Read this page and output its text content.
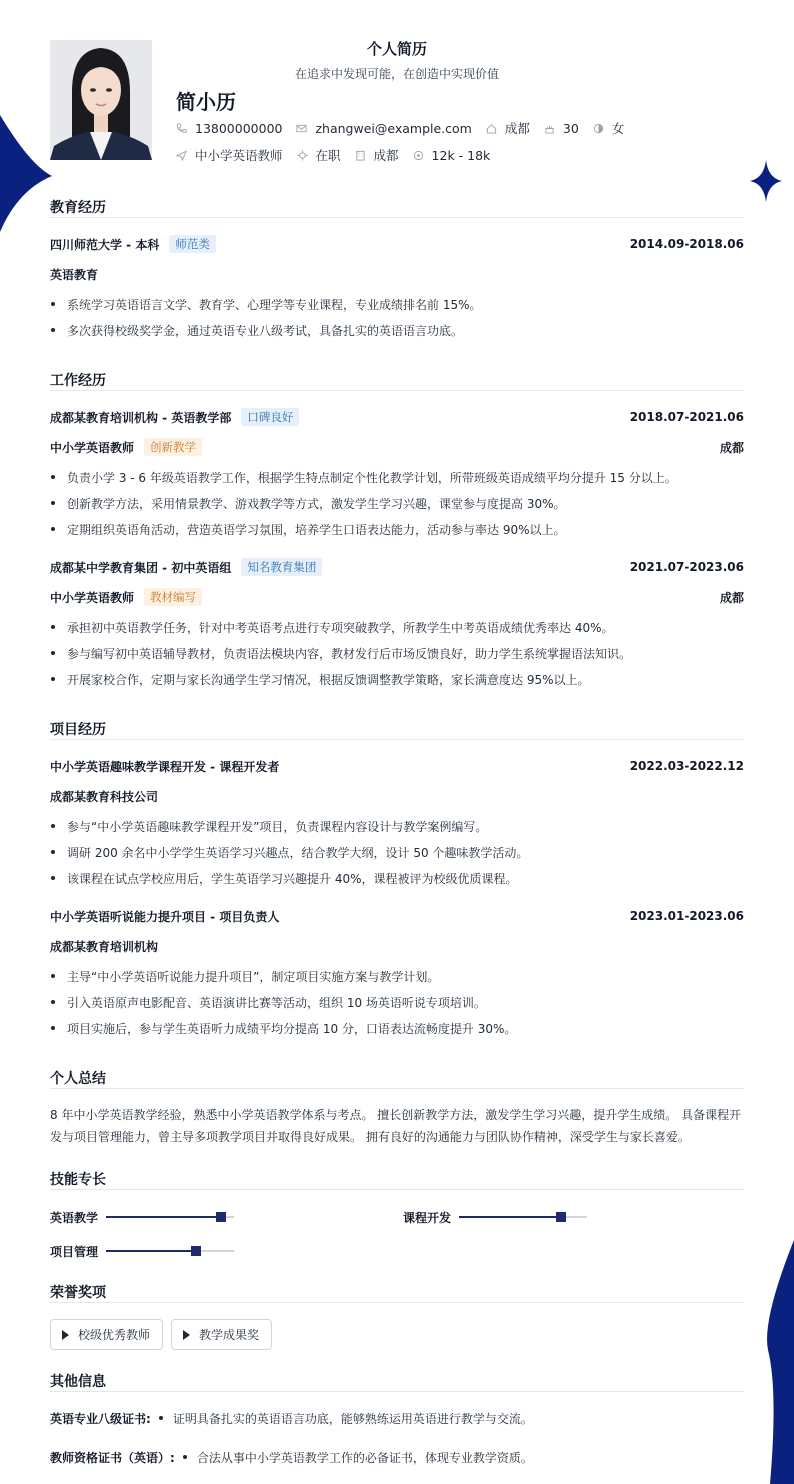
个人简历
在追求中发现可能，在创造中实现价值
简小历
13800000000	zhangwei@example.com	成都	30	女
中小学英语教师	在职	成都	12k - 18k
教育经历
四川师范大学 - 本科	师范类	2014.09-2018.06
英语教育
系统学习英语语言文学、教育学、心理学等专业课程，专业成绩排名前 15%。
多次获得校级奖学金，通过英语专业八级考试，具备扎实的英语语言功底。
工作经历
成都某教育培训机构 - 英语教学部	口碑良好	2018.07-2021.06
中小学英语教师	创新教学	成都
负责小学 3 - 6 年级英语教学工作，根据学生特点制定个性化教学计划，所带班级英语成绩平均分提升 15 分以上。
创新教学方法，采用情景教学、游戏教学等方式，激发学生学习兴趣，课堂参与度提高 30%。
定期组织英语角活动，营造英语学习氛围，培养学生口语表达能力，活动参与率达 90%以上。
成都某中学教育集团 - 初中英语组	知名教育集团	2021.07-2023.06
中小学英语教师	教材编写	成都
承担初中英语教学任务，针对中考英语考点进行专项突破教学，所教学生中考英语成绩优秀率达 40%。
参与编写初中英语辅导教材，负责语法模块内容，教材发行后市场反馈良好，助力学生系统掌握语法知识。
开展家校合作，定期与家长沟通学生学习情况，根据反馈调整教学策略，家长满意度达 95%以上。
项目经历
中小学英语趣味教学课程开发 - 课程开发者	2022.03-2022.12
成都某教育科技公司
参与“中小学英语趣味教学课程开发”项目，负责课程内容设计与教学案例编写。
调研 200 余名中小学学生英语学习兴趣点，结合教学大纲，设计 50 个趣味教学活动。
该课程在试点学校应用后，学生英语学习兴趣提升 40%，课程被评为校级优质课程。
中小学英语听说能力提升项目 - 项目负责人	2023.01-2023.06
成都某教育培训机构
主导“中小学英语听说能力提升项目”，制定项目实施方案与教学计划。
引入英语原声电影配音、英语演讲比赛等活动，组织 10 场英语听说专项培训。
项目实施后，参与学生英语听力成绩平均分提高 10 分，口语表达流畅度提升 30%。
个人总结
8 年中小学英语教学经验，熟悉中小学英语教学体系与考点。 擅长创新教学方法，激发学生学习兴趣，提升学生成绩。 具备课程开
发与项目管理能力，曾主导多项教学项目并取得良好成果。 拥有良好的沟通能力与团队协作精神，深受学生与家长喜爱。
技能专长
英语教学	课程开发
项目管理
荣誉奖项
校级优秀教师	教学成果奖
其他信息
英语专业八级证书: 证明具备扎实的英语语言功底，能够熟练运用英语进行教学与交流。
教师资格证书（英语）: 合法从事中小学英语教学工作的必备证书，体现专业教学资质。
